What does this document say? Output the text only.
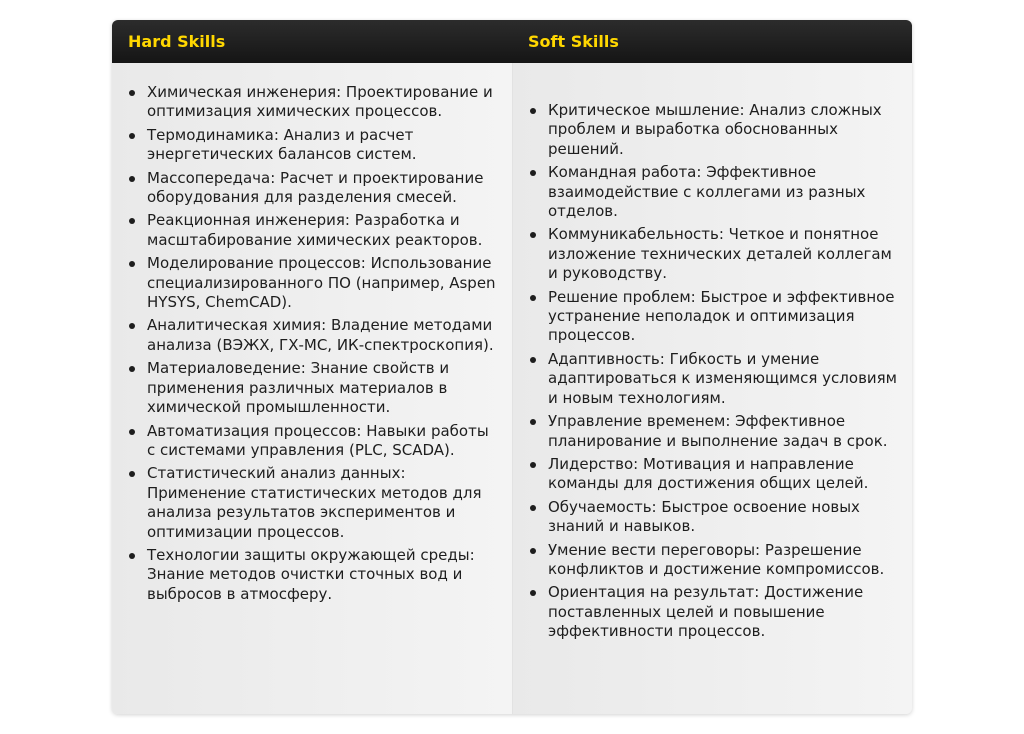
Hard Skills	Soft Skills
Химическая инженерия: Проектирование и оптимизация химических процессов.
Термодинамика: Анализ и расчет энергетических балансов систем.
Массопередача: Расчет и проектирование оборудования для разделения смесей.
Реакционная инженерия: Разработка и масштабирование химических реакторов.
Моделирование процессов: Использование специализированного ПО (например, Aspen HYSYS, ChemCAD).
Аналитическая химия: Владение методами анализа (ВЭЖХ, ГХ-МС, ИК-спектроскопия).
Материаловедение: Знание свойств и применения различных материалов в химической промышленности.
Автоматизация процессов: Навыки работы с системами управления (PLC, SCADA).
Статистический анализ данных: Применение статистических методов для анализа результатов экспериментов и оптимизации процессов.
Технологии защиты окружающей среды: Знание методов очистки сточных вод и выбросов в атмосферу.
Критическое мышление: Анализ сложных проблем и выработка обоснованных решений.
Командная работа: Эффективное взаимодействие с коллегами из разных отделов.
Коммуникабельность: Четкое и понятное изложение технических деталей коллегам и руководству.
Решение проблем: Быстрое и эффективное устранение неполадок и оптимизация процессов.
Адаптивность: Гибкость и умение адаптироваться к изменяющимся условиям и новым технологиям.
Управление временем: Эффективное планирование и выполнение задач в срок.
Лидерство: Мотивация и направление команды для достижения общих целей.
Обучаемость: Быстрое освоение новых знаний и навыков.
Умение вести переговоры: Разрешение конфликтов и достижение компромиссов.
Ориентация на результат: Достижение поставленных целей и повышение эффективности процессов.
